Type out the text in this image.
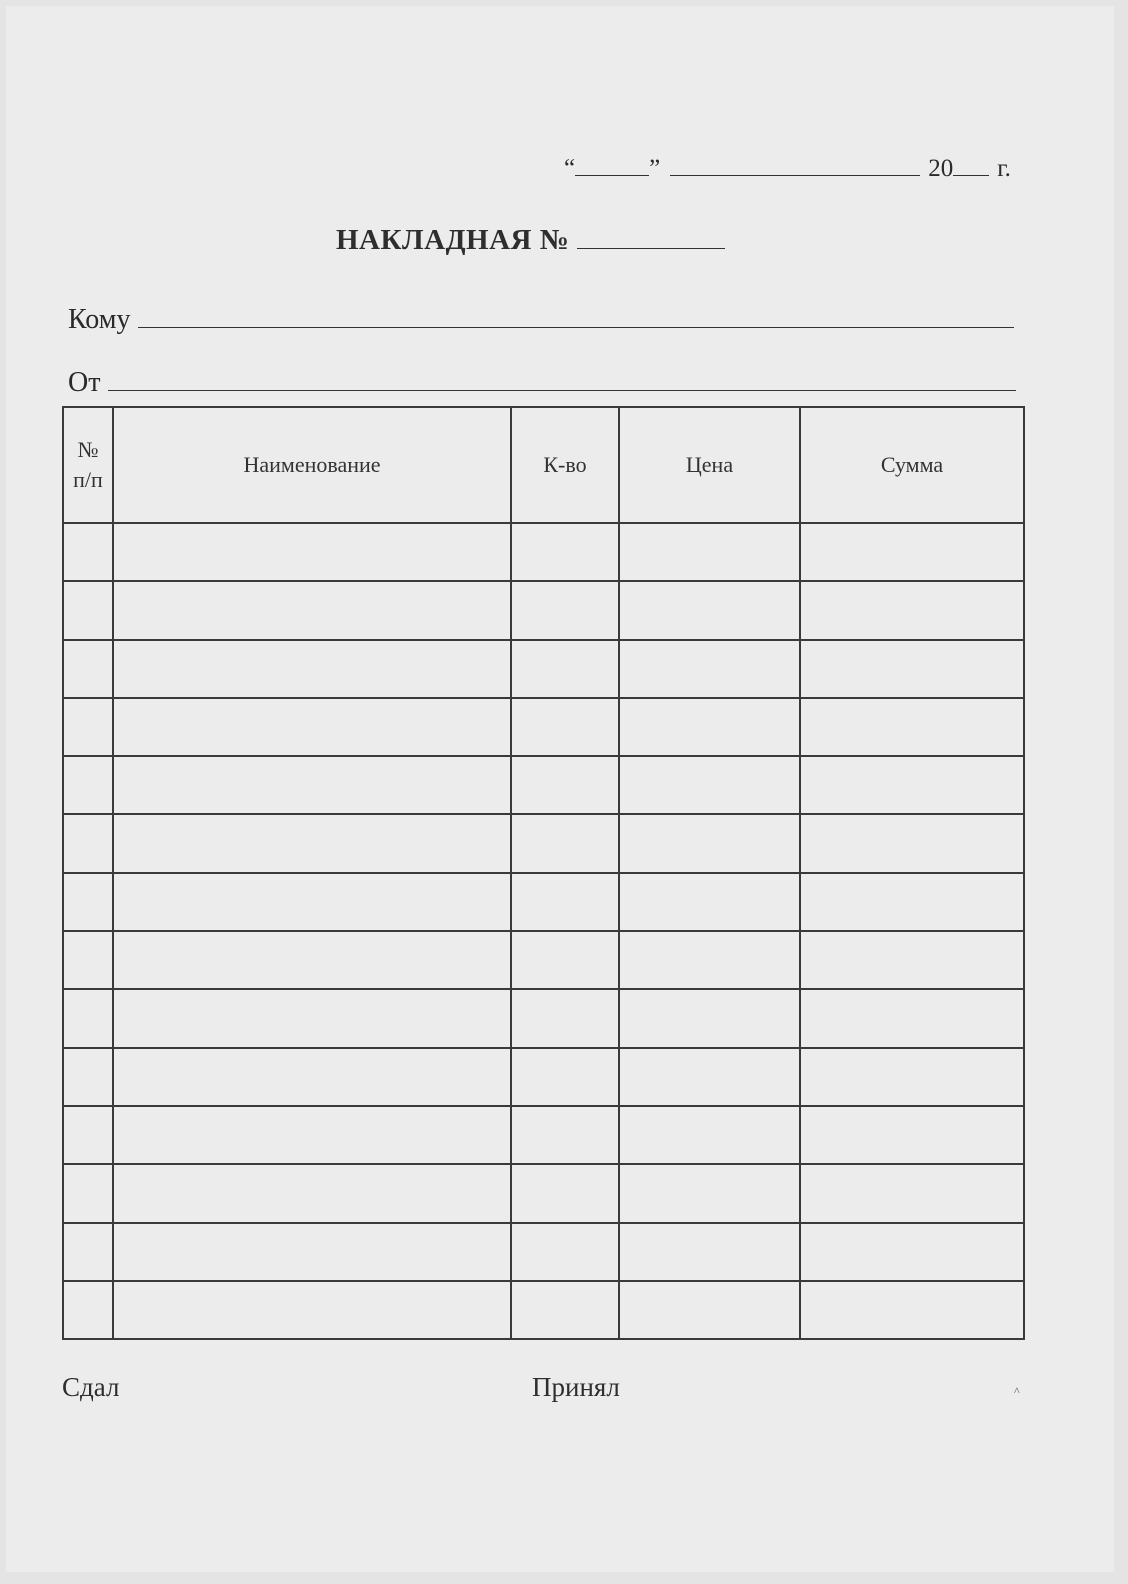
“	”	20 г.
НАКЛАДНАЯ №
Кому
От
№
п/п	Наименование	К-во	Цена	Сумма

Сдал	Принял	^
